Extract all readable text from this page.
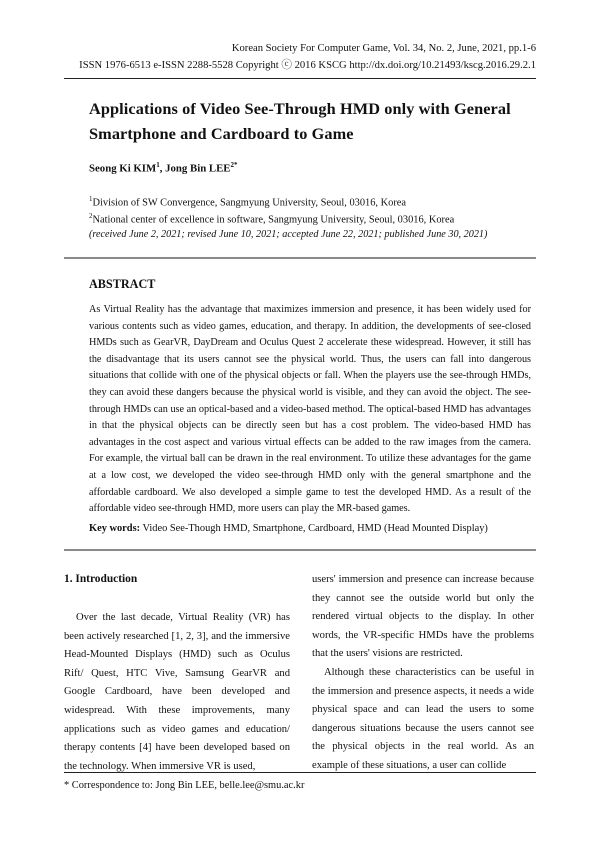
Korean Society For Computer Game, Vol. 34, No. 2, June, 2021, pp.1-6
ISSN 1976-6513 e-ISSN 2288-5528 Copyright ⓒ 2016 KSCG http://dx.doi.org/10.21493/kscg.2016.29.2.1
Applications of Video See-Through HMD only with General Smartphone and Cardboard to Game
Seong Ki KIM$^1$, Jong Bin $LEE^{2*}$
$^1$Division of SW Convergence, Sangmyung University, Seoul, 03016, Korea
$^2$National center of excellence in software, Sangmyung University, Seoul, 03016, Korea
(received June 2, 2021; revised June 10, 2021; accepted June 22, 2021; published June 30, 2021)
ABSTRACT
As Virtual Reality has the advantage that maximizes immersion and presence, it has been widely used for various contents such as video games, education, and therapy. In addition, the developments of see-closed HMDs such as GearVR, DayDream and Oculus Quest 2 accelerate these widespread. However, it still has the disadvantage that its users cannot see the physical world. Thus, the users can fall into dangerous situations that collide with one of the physical objects or fall. When the players use the see-through HMDs, they can avoid these dangers because the physical world is visible, and they can avoid the object. The see-through HMDs can use an optical-based and a video-based method. The optical-based HMD has advantages in that the physical objects can be directly seen but has a cost problem. The video-based HMD has advantages in the cost aspect and various virtual effects can be added to the raw images from the camera. For example, the virtual ball can be drawn in the real environment. To utilize these advantages for the game at a low cost, we developed the video see-through HMD only with the general smartphone and the affordable cardboard. We also developed a simple game to test the developed HMD. As a result of the affordable video see-through HMD, more users can play the MR-based games.
Key words: Video See-Though HMD, Smartphone, Cardboard, HMD (Head Mounted Display)
1. Introduction

Over the last decade, Virtual Reality (VR) has been actively researched [1, 2, 3], and the immersive Head-Mounted Displays (HMD) such as Oculus Rift/ Quest, HTC Vive, Samsung GearVR and Google Cardboard, have been developed and widespread. With these improvements, many applications such as video games and education/ therapy contents [4] have been developed based on the technology. When immersive VR is used,

users' immersion and presence can increase because they cannot see the outside world but only the rendered virtual objects to the display. In other words, the VR-specific HMDs have the problems that the users' visions are restricted.

Although these characteristics can be useful in the immersion and presence aspects, it needs a wide physical space and can lead the users to some dangerous situations because the users cannot see the physical objects in the real world. As an example of these situations, a user can collide

* Correspondence to: Jong Bin LEE, belle.lee@smu.ac.kr
